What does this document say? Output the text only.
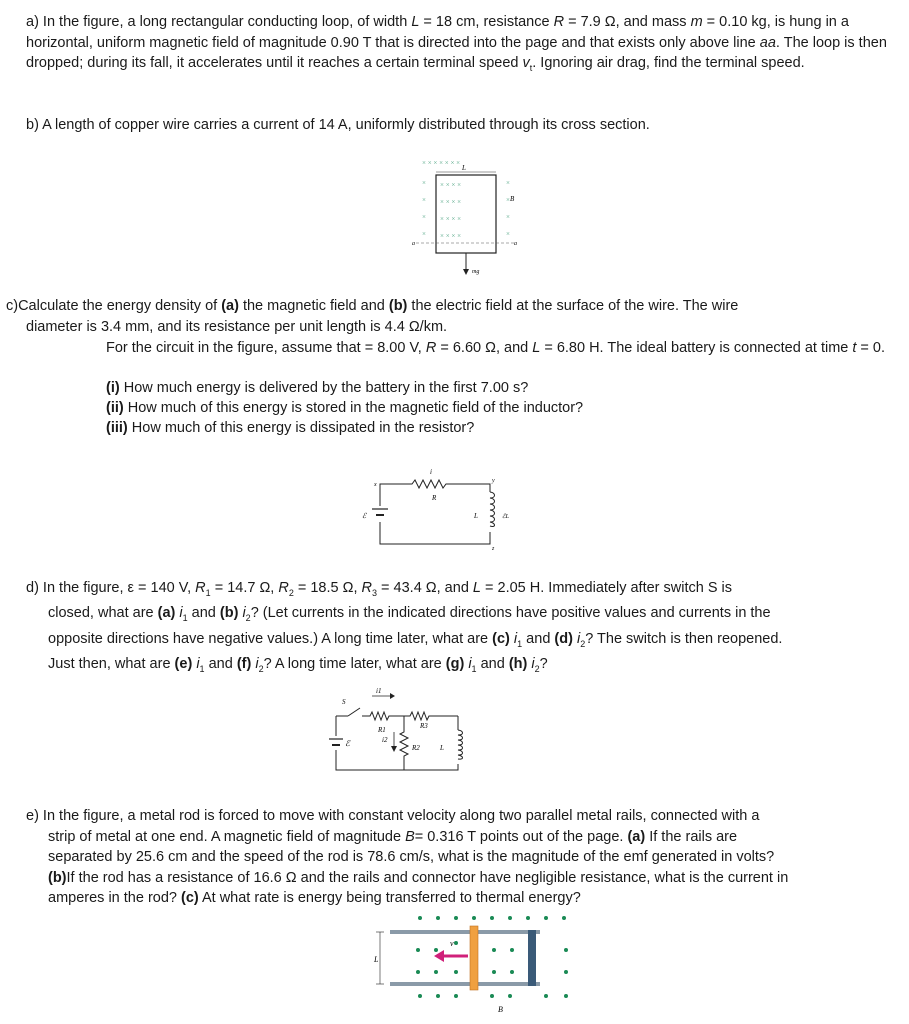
a) In the figure, a long rectangular conducting loop, of width L = 18 cm, resistance R = 7.9 Ω, and mass m = 0.10 kg, is hung in a horizontal, uniform magnetic field of magnitude 0.90 T that is directed into the page and that exists only above line aa. The loop is then dropped; during its fall, it accelerates until it reaches a certain terminal speed $v_t$. Ignoring air drag, find the terminal speed.
b) A length of copper wire carries a current of 14 A, uniformly distributed through its cross section.
× × × × × × ×
×	×
×	×
×	×
×	×
× × × ×
× × × ×
× × × ×
× × × ×
L
B
a	a
mg
c)Calculate the energy density of (a) the magnetic field and (b) the electric field at the surface of the wire. The wire
diameter is 3.4 mm, and its resistance per unit length is 4.4 Ω/km.
For the circuit in the figure, assume that = 8.00 V, R = 6.60 Ω, and L = 6.80 H. The ideal battery is connected at time t = 0.
(i) How much energy is delivered by the battery in the first 7.00 s?
(ii) How much of this energy is stored in the magnetic field of the inductor?
(iii) How much of this energy is dissipated in the resistor?
i
R
x
y
z
ℰ	L	ℰL
d) In the figure, ε = 140 V, $R_1 = 14.7$ Ω, $R_2 = 18.5$ Ω, $R_3 = 43.4$ Ω, and L = 2.05 H. Immediately after switch S is
closed, what are (a) $i_1$ and (b) $i_2$? (Let currents in the indicated directions have positive values and currents in the
opposite directions have negative values.) A long time later, what are (c) $i_1$ and (d) $i_2$? The switch is then reopened.
Just then, what are (e) $i_1$ and (f) $i_2$? A long time later, what are (g) $i_1$ and (h) $i_2$?
S
i1
R1	R3
R2
i2
L
ℰ
e) In the figure, a metal rod is forced to move with constant velocity along two parallel metal rails, connected with a
strip of metal at one end. A magnetic field of magnitude B= 0.316 T points out of the page. (a) If the rails are
separated by 25.6 cm and the speed of the rod is 78.6 cm/s, what is the magnitude of the emf generated in volts?
(b)If the rod has a resistance of 16.6 Ω and the rails and connector have negligible resistance, what is the current in
amperes in the rod? (c) At what rate is energy being transferred to thermal energy?
v
L
B
